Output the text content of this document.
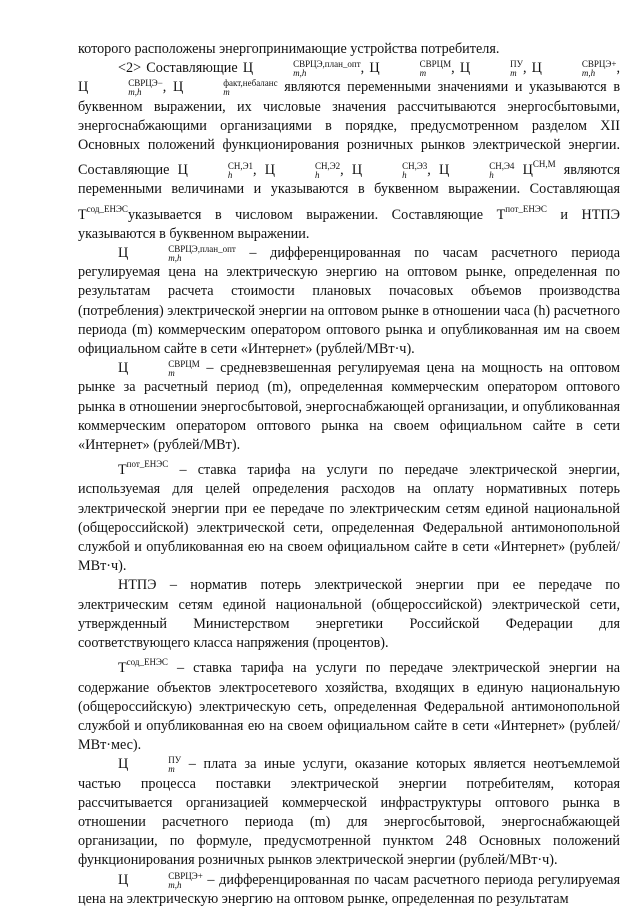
которого расположены энергопринимающие устройства потребителя.

<2> Составляющие Ц	СВРЦЭ,план_опт
m,h	, Ц	СВРЦМ
m	, Ц	ПУ
m , Ц	СВРЦЭ+
m,h	, Ц	СВРЦЭ−
m,h	, Ц	факт,небаланс
m	являются переменными значениями и указываются в буквенном выражении, их числовые значения рассчитываются энергосбытовыми, энергоснабжающими организациями в порядке, предусмотренном разделом XII Основных положений функционирования розничных рынков электрической энергии. Составляющие Ц	СН,Э1
h	, Ц	СН,Э2
h	, Ц	СН,Э3
h	, Ц	СН,Э4
h	$Ц^{СН,М}$ являются переменными величинами и указываются в буквенном выражении. Составляющая $Т^{сод\_ЕНЭС}указывается$ в числовом выражении. Составляющие $Т^{пот\_ЕНЭС}$ и НТПЭ указываются в буквенном выражении.

Ц	СВРЦЭ,план_опт
m,h	– дифференцированная по часам расчетного периода регулируемая цена на электрическую энергию на оптовом рынке, определенная по результатам расчета стоимости плановых почасовых объемов производства (потребления) электрической энергии на оптовом рынке в отношении часа (h) расчетного периода (m) коммерческим оператором оптового рынка и опубликованная им на своем официальном сайте в сети «Интернет» (рублей/МВт·ч).

Ц	СВРЦМ
m	– средневзвешенная регулируемая цена на мощность на оптовом рынке за расчетный период (m), определенная коммерческим оператором оптового рынка в отношении энергосбытовой, энергоснабжающей организации, и опубликованная коммерческим оператором оптового рынка на своем официальном сайте в сети «Интернет» (рублей/МВт).

$Т^{пот\_ЕНЭС}$ – ставка тарифа на услуги по передаче электрической энергии, используемая для целей определения расходов на оплату нормативных потерь электрической энергии при ее передаче по электрическим сетям единой национальной (общероссийской) электрической сети, определенная Федеральной антимонопольной службой и опубликованная ею на своем официальном сайте в сети «Интернет» (рублей/МВт·ч).

НТПЭ – норматив потерь электрической энергии при ее передаче по электрическим сетям единой национальной (общероссийской) электрической сети, утвержденный Министерством энергетики Российской Федерации для соответствующего класса напряжения (процентов).

$Т^{сод\_ЕНЭС}$ – ставка тарифа на услуги по передаче электрической энергии на содержание объектов электросетевого хозяйства, входящих в единую национальную (общероссийскую) электрическую сеть, определенная Федеральной антимонопольной службой и опубликованная ею на своем официальном сайте в сети «Интернет» (рублей/МВт·мес).

Ц	ПУ
m – плата за иные услуги, оказание которых является неотъемлемой частью процесса поставки электрической энергии потребителям, которая рассчитывается организацией коммерческой инфраструктуры оптового рынка в отношении расчетного периода (m) для энергосбытовой, энергоснабжающей организации, по формуле, предусмотренной пунктом 248 Основных положений функционирования розничных рынков электрической энергии (рублей/МВт·ч).

Ц	СВРЦЭ+
m,h	– дифференцированная по часам расчетного периода регулируемая цена на электрическую энергию на оптовом рынке, определенная по результатам
